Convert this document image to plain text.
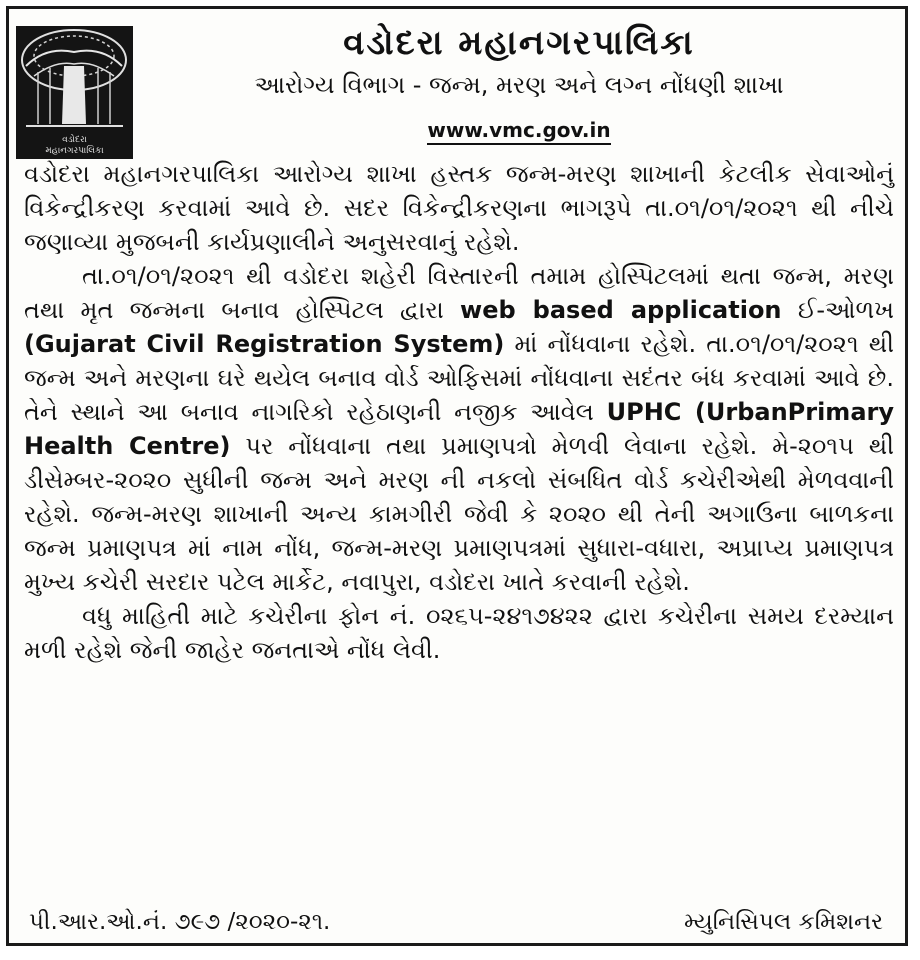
વડોદરા
મહાનગરપાલિકા
વડોદરા મહાનગરપાલિકા
આરોગ્ય વિભાગ - જન્મ, મરણ અને લગ્ન નોંધણી શાખા
www.vmc.gov.in

વડોદરા મહાનગરપાલિકા આરોગ્ય શાખા હસ્તક જન્મ-મરણ શાખાની કેટલીક સેવાઓનું વિકેન્દ્રીકરણ કરવામાં આવે છે. સદર વિકેન્દ્રીકરણના ભાગરૂપે તા.૦૧/૦૧/૨૦૨૧ થી નીચે જણાવ્યા મુજબની કાર્યપ્રણાલીને અનુસરવાનું રહેશે.

તા.૦૧/૦૧/૨૦૨૧ થી વડોદરા શહેરી વિસ્તારની તમામ હોસ્પિટલમાં થતા જન્મ, મરણ તથા મૃત જન્મના બનાવ હોસ્પિટલ દ્વારા web based application ઈ-ઓળખ (Gujarat Civil Registration System) માં નોંધવાના રહેશે. તા.૦૧/૦૧/૨૦૨૧ થી જન્મ અને મરણના ઘરે થયેલ બનાવ વોર્ડ ઓફિસમાં નોંધવાના સદંતર બંધ કરવામાં આવે છે. તેને સ્થાને આ બનાવ નાગરિકો રહેઠાણની નજીક આવેલ UPHC (UrbanPrimary Health Centre) પર નોંધવાના તથા પ્રમાણપત્રો મેળવી લેવાના રહેશે. મે-૨૦૧૫ થી ડીસેમ્બર-૨૦૨૦ સુધીની જન્મ અને મરણ ની નકલો સંબધિત વોર્ડ કચેરીએથી મેળવવાની રહેશે. જન્મ-મરણ શાખાની અન્ય કામગીરી જેવી કે ૨૦૨૦ થી તેની અગાઉના બાળકના જન્મ પ્રમાણપત્ર માં નામ નોંધ, જન્મ-મરણ પ્રમાણપત્રમાં સુધારા-વધારા, અપ્રાપ્ય પ્રમાણપત્ર મુખ્ય કચેરી સરદાર પટેલ માર્કેટ, નવાપુરા, વડોદરા ખાતે કરવાની રહેશે.

વધુ માહિતી માટે કચેરીના ફોન નં. ૦૨૬૫-૨૪૧૭૪૨૨ દ્વારા કચેરીના સમય દરમ્યાન મળી રહેશે જેની જાહેર જનતાએ નોંધ લેવી.

પી.આર.ઓ.નં. ૭૯૭ /૨૦૨૦-૨૧.	મ્યુનિસિપલ કમિશનર
